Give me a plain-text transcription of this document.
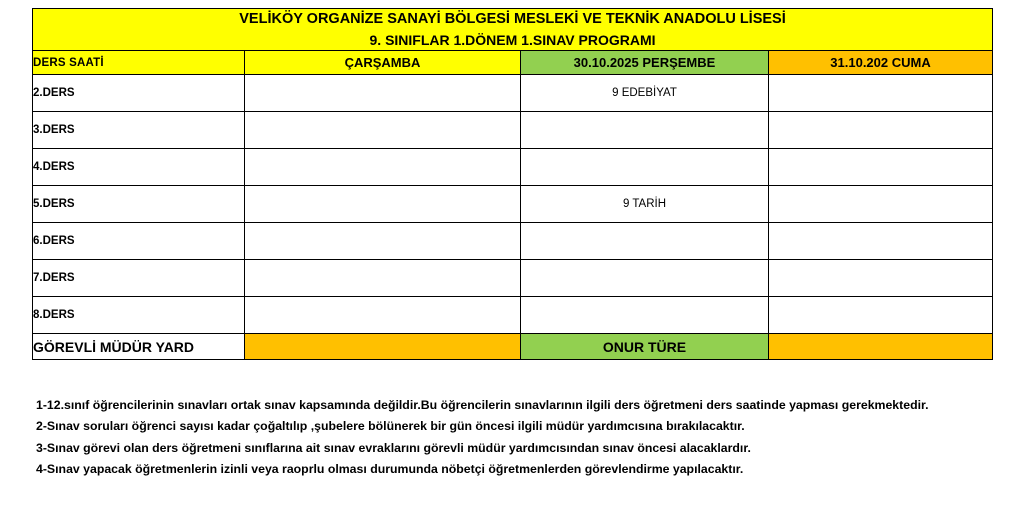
VELİKÖY ORGANİZE SANAYİ BÖLGESİ MESLEKİ VE TEKNİK ANADOLU LİSESİ
9. SINIFLAR 1.DÖNEM 1.SINAV PROGRAMI			

DERS SAATİ	ÇARŞAMBA	30.10.2025 PERŞEMBE	31.10.202 CUMA
2.DERS		9 EDEBİYAT	
3.DERS			
4.DERS			
5.DERS		9 TARİH	
6.DERS			
7.DERS			
8.DERS			
GÖREVLİ MÜDÜR YARD		ONUR TÜRE	

1-12.sınıf öğrencilerinin sınavları ortak sınav kapsamında değildir.Bu öğrencilerin sınavlarının ilgili ders öğretmeni ders saatinde yapması gerekmektedir.

2-Sınav soruları öğrenci sayısı kadar çoğaltılıp ,şubelere bölünerek bir gün öncesi ilgili müdür yardımcısına bırakılacaktır.

3-Sınav görevi olan ders öğretmeni sınıflarına ait sınav evraklarını görevli müdür yardımcısından sınav öncesi alacaklardır.

4-Sınav yapacak öğretmenlerin izinli veya raoprlu olması durumunda nöbetçi öğretmenlerden görevlendirme yapılacaktır.
